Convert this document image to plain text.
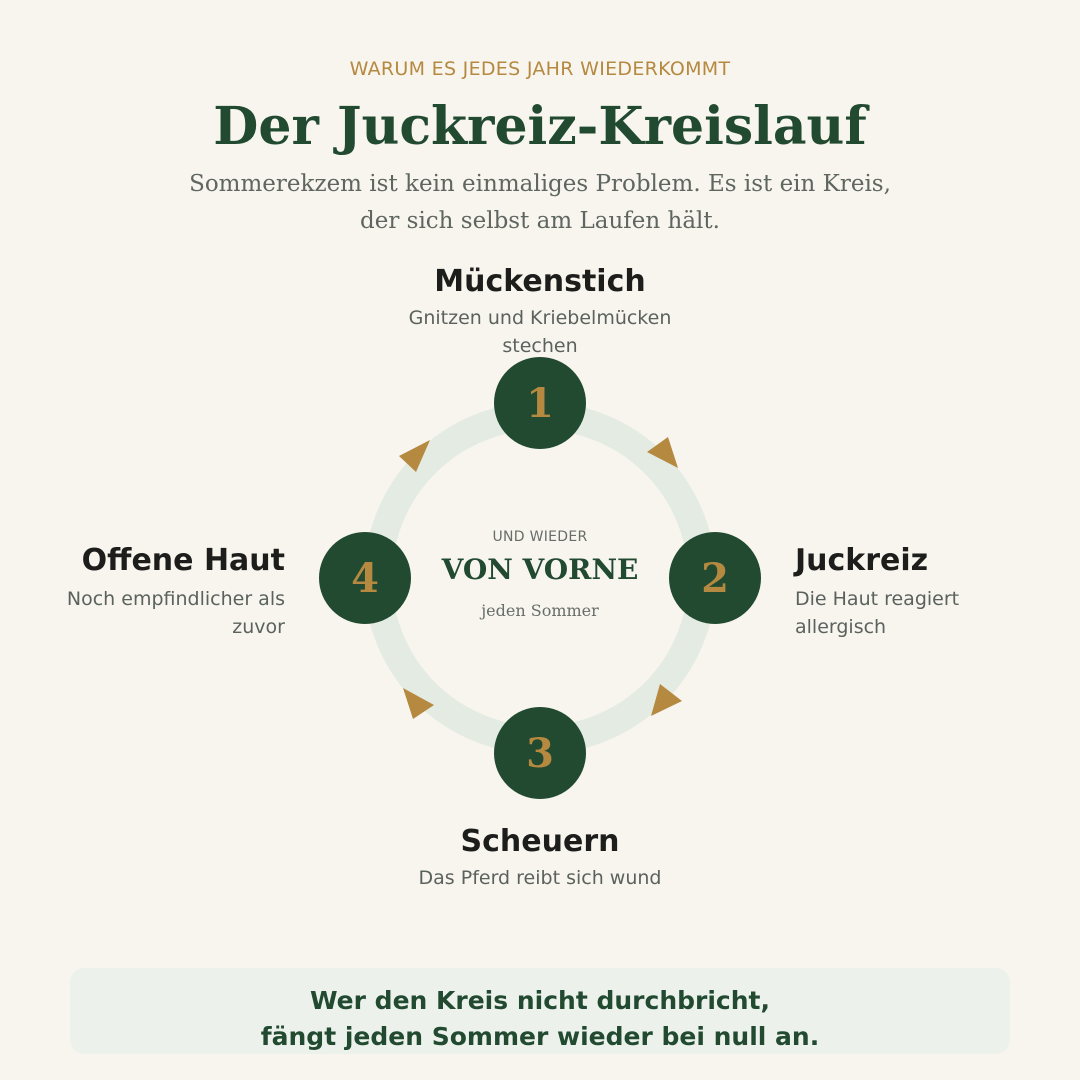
WARUM ES JEDES JAHR WIEDERKOMMT
Der Juckreiz-Kreislauf
Sommerekzem ist kein einmaliges Problem. Es ist ein Kreis,
der sich selbst am Laufen hält.
1
2
3
4
UND WIEDER
VON VORNE
jeden Sommer
Mückenstich
Gnitzen und Kriebelmücken
stechen
Juckreiz
Die Haut reagiert
allergisch
Scheuern
Das Pferd reibt sich wund
Offene Haut
Noch empfindlicher als
zuvor
Wer den Kreis nicht durchbricht,
fängt jeden Sommer wieder bei null an.
